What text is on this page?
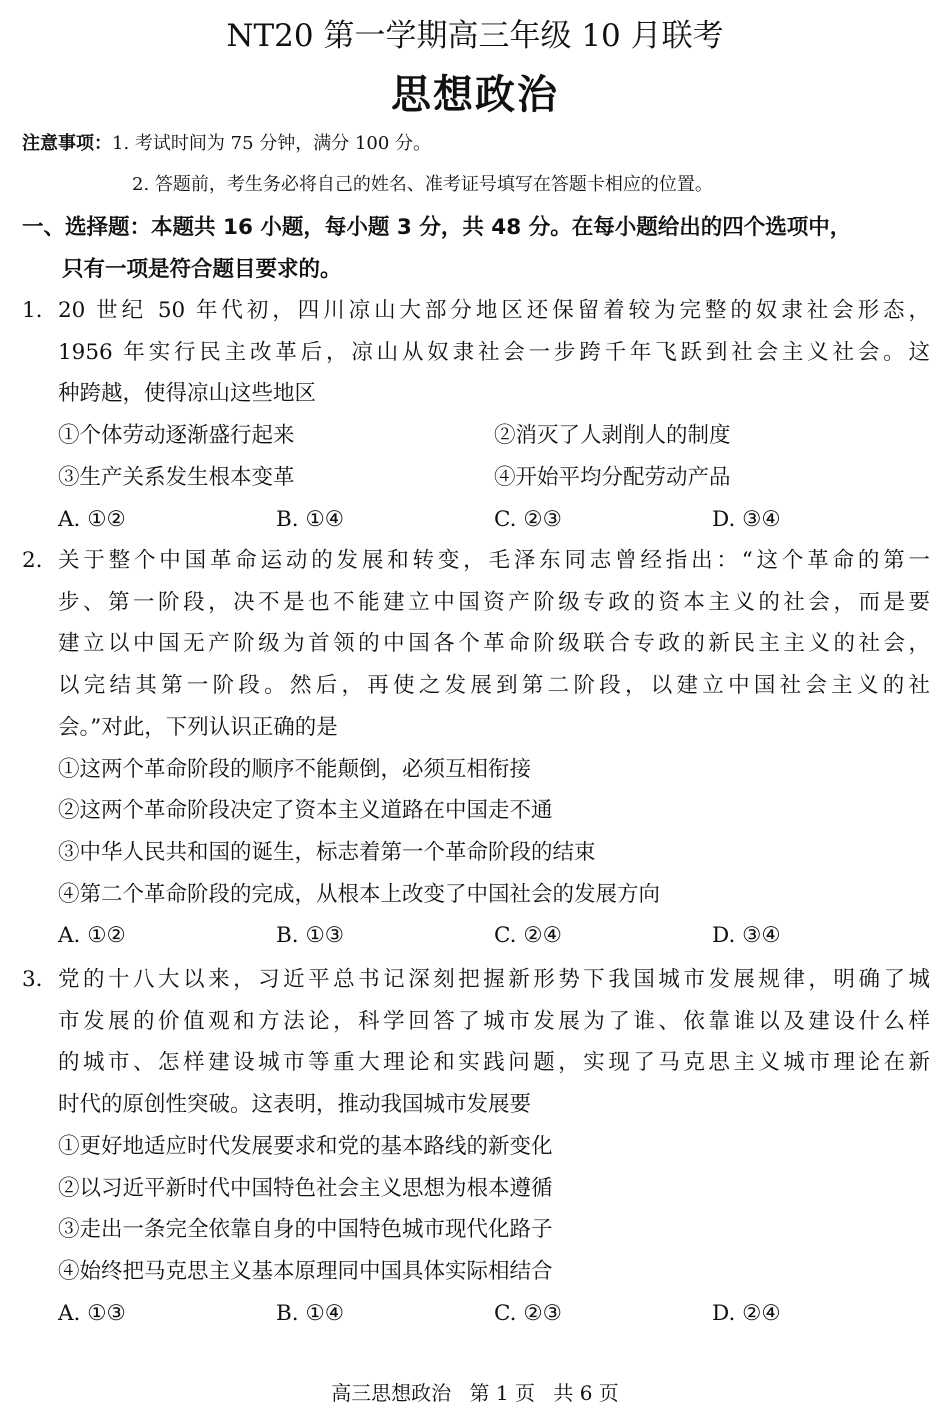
NT20 第一学期高三年级 10 月联考
思想政治
注意事项：1. 考试时间为 75 分钟，满分 100 分。
2. 答题前，考生务必将自己的姓名、准考证号填写在答题卡相应的位置。
一、选择题：本题共 16 小题，每小题 3 分，共 48 分。在每小题给出的四个选项中，
只有一项是符合题目要求的。
1. 20 世纪 50 年代初，四川凉山大部分地区还保留着较为完整的奴隶社会形态，
1956 年实行民主改革后，凉山从奴隶社会一步跨千年飞跃到社会主义社会。这
种跨越，使得凉山这些地区
①个体劳动逐渐盛行起来	②消灭了人剥削人的制度
③生产关系发生根本变革	④开始平均分配劳动产品
A. ①②	B. ①④	C. ②③	D. ③④
2. 关于整个中国革命运动的发展和转变，毛泽东同志曾经指出：“这个革命的第一
步、第一阶段，决不是也不能建立中国资产阶级专政的资本主义的社会，而是要
建立以中国无产阶级为首领的中国各个革命阶级联合专政的新民主主义的社会，
以完结其第一阶段。然后，再使之发展到第二阶段，以建立中国社会主义的社
会。”对此，下列认识正确的是
①这两个革命阶段的顺序不能颠倒，必须互相衔接
②这两个革命阶段决定了资本主义道路在中国走不通
③中华人民共和国的诞生，标志着第一个革命阶段的结束
④第二个革命阶段的完成，从根本上改变了中国社会的发展方向
A. ①②	B. ①③	C. ②④	D. ③④
3. 党的十八大以来，习近平总书记深刻把握新形势下我国城市发展规律，明确了城
市发展的价值观和方法论，科学回答了城市发展为了谁、依靠谁以及建设什么样
的城市、怎样建设城市等重大理论和实践问题，实现了马克思主义城市理论在新
时代的原创性突破。这表明，推动我国城市发展要
①更好地适应时代发展要求和党的基本路线的新变化
②以习近平新时代中国特色社会主义思想为根本遵循
③走出一条完全依靠自身的中国特色城市现代化路子
④始终把马克思主义基本原理同中国具体实际相结合
A. ①③	B. ①④	C. ②③	D. ②④
高三思想政治 第 1 页 共 6 页
